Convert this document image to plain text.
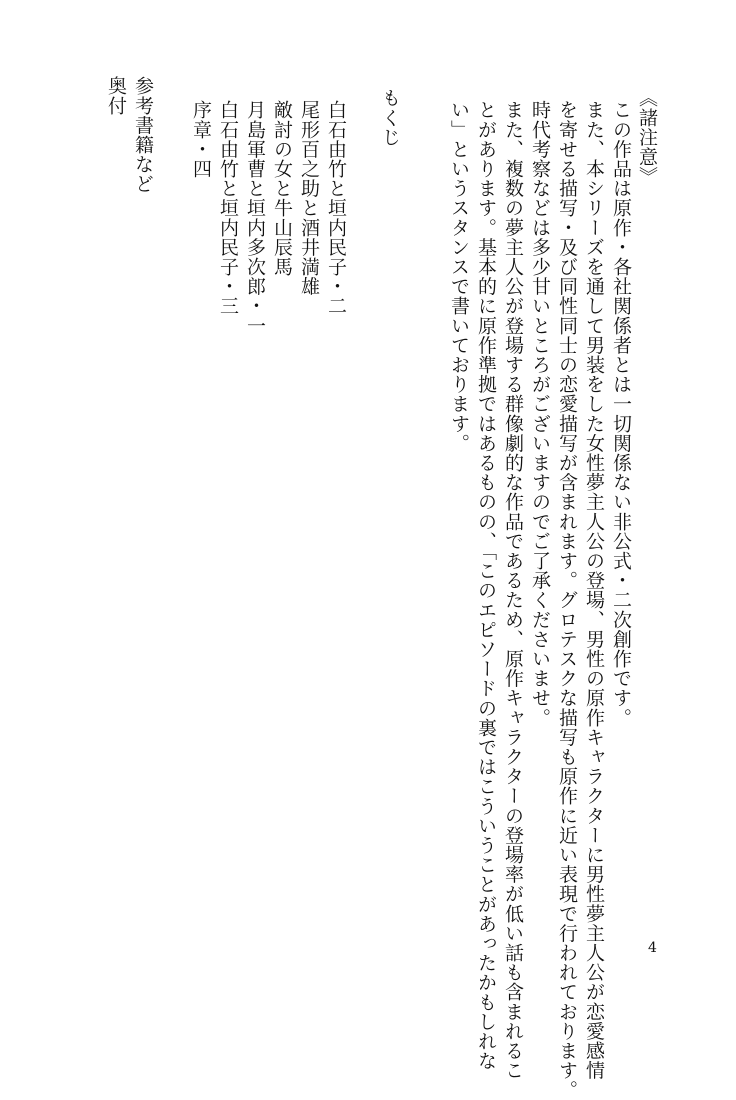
《諸注意》

この作品は原作・各社関係者とは一切関係ない非公式・二次創作です。

また、本シリーズを通して男装をした女性夢主人公の登場、男性の原作キャラクターに男性夢主人公が恋愛感情

を寄せる描写・及び同性同士の恋愛描写が含まれます。グロテスクな描写も原作に近い表現で行われております。

時代考察などは多少甘いところがございますのでご了承くださいませ。

また、複数の夢主人公が登場する群像劇的な作品であるため、原作キャラクターの登場率が低い話も含まれるこ

とがあります。基本的に原作準拠ではあるものの、「このエピソードの裏ではこういうことがあったかもしれな

い」というスタンスで書いております。

もくじ

白石由竹と垣内民子・二

尾形百之助と酒井満雄

敵討の女と牛山辰馬

月島軍曹と垣内多次郎・一

白石由竹と垣内民子・三

序章・四

参考書籍など

奥付

4
